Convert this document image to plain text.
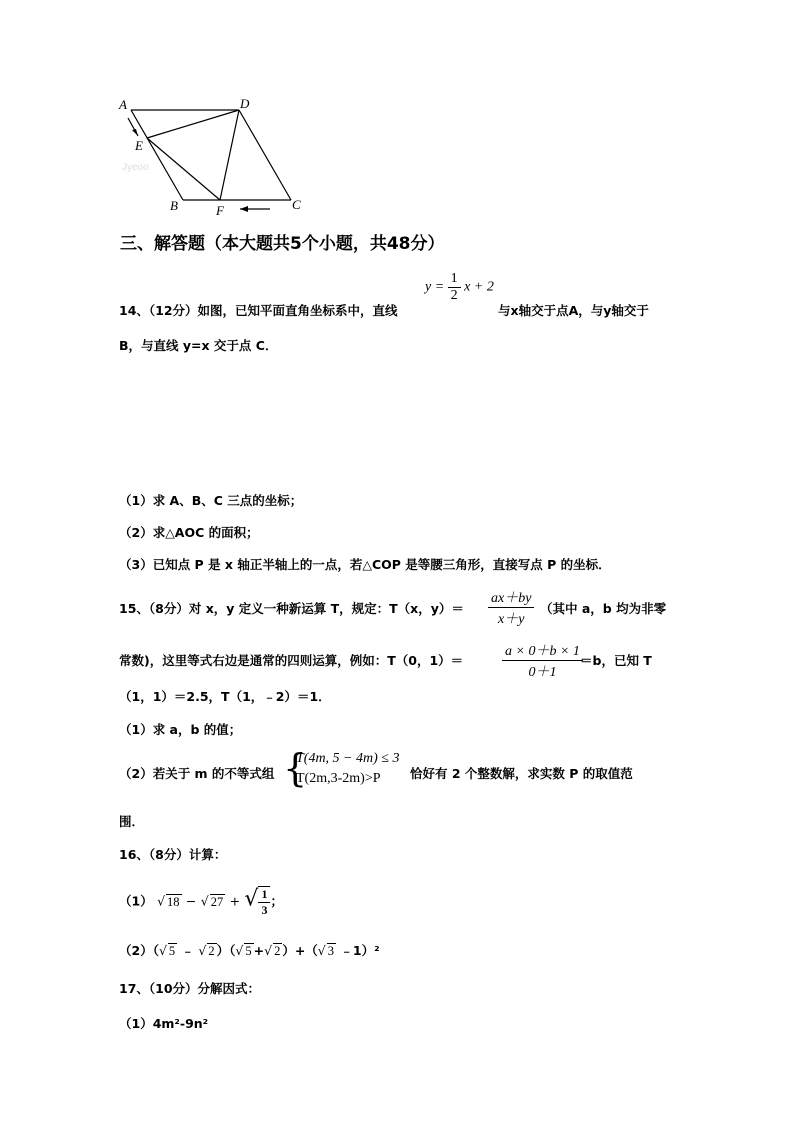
A	D
E
B	F	C
Jyeoo
三、解答题（本大题共5个小题，共48分）
14、（12分）如图，已知平面直角坐标系中，直线
$y = \frac{1}{2}$ x + 2
与x轴交于点A，与y轴交于
B，与直线 y=x 交于点 C．
（1）求 A、B、C 三点的坐标；
（2）求△AOC 的面积；
（3）已知点 P 是 x 轴正半轴上的一点，若△COP 是等腰三角形，直接写点 P 的坐标．
15、（8分）对 x，y 定义一种新运算 T，规定：T（x，y）＝
ax＋by
x＋y
（其中 a，b 均为非零
常数)，这里等式右边是通常的四则运算，例如：T（0，1）＝
a × 0＋b × 1
0＋1
＝b，已知 T
（1，1）＝2.5，T（1，﹣2）＝1．
（1）求 a，b 的值；
（2）若关于 m 的不等式组 {
T(4m, 5 − 4m) ≤ 3
T(2m,3-2m)>P	恰好有 2 个整数解，求实数 P 的取值范
围．
16、（8分）计算：
（1） √ 18 − √ 27 + √ $\frac{1}{3}$ ；
（2）（√ 5 ﹣ √ 2 ）（√ 5 +√ 2 ）+（√ 3 ﹣1）²
17、（10分）分解因式：
（1）4m²-9n²
